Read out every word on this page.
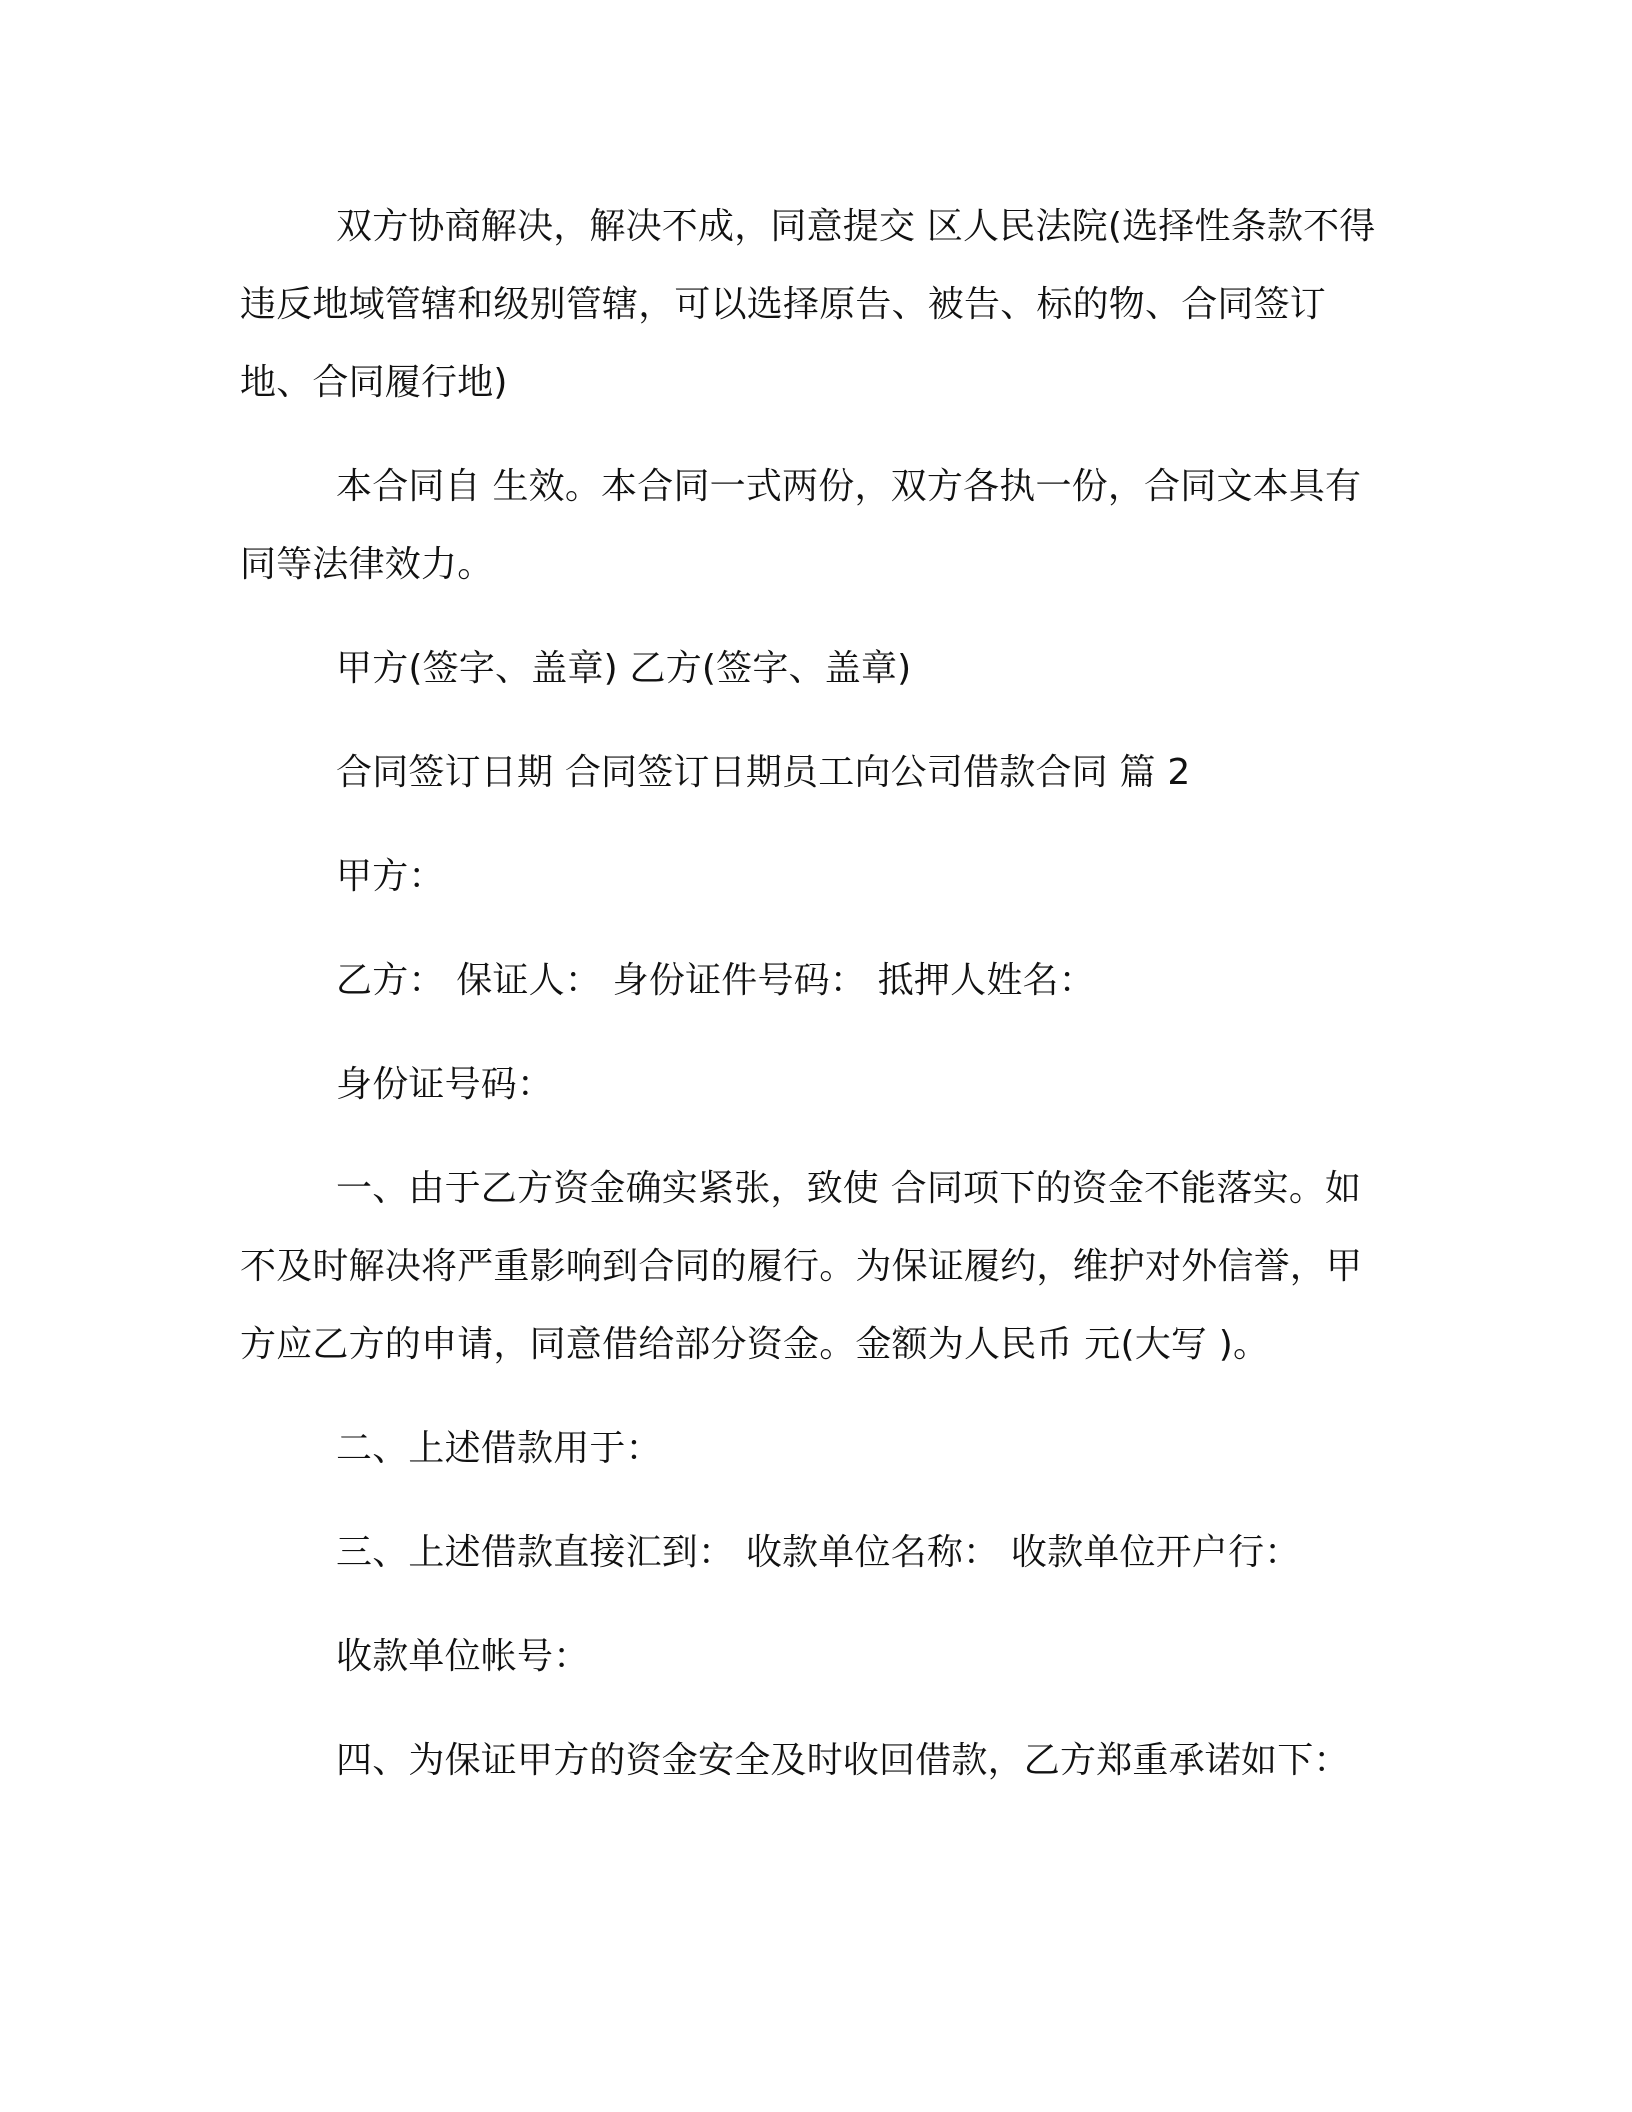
双方协商解决，解决不成，同意提交 区人民法院(选择性条款不得违反地域管辖和级别管辖，可以选择原告、被告、标的物、合同签订地、合同履行地)

本合同自 生效。本合同一式两份，双方各执一份，合同文本具有同等法律效力。

甲方(签字、盖章) 乙方(签字、盖章)

合同签订日期 合同签订日期员工向公司借款合同 篇 2

甲方：

乙方： 保证人： 身份证件号码： 抵押人姓名：

身份证号码：

一、由于乙方资金确实紧张，致使 合同项下的资金不能落实。如不及时解决将严重影响到合同的履行。为保证履约，维护对外信誉，甲方应乙方的申请，同意借给部分资金。金额为人民币 元(大写 )。

二、上述借款用于：

三、上述借款直接汇到： 收款单位名称： 收款单位开户行：

收款单位帐号：

四、为保证甲方的资金安全及时收回借款，乙方郑重承诺如下：
